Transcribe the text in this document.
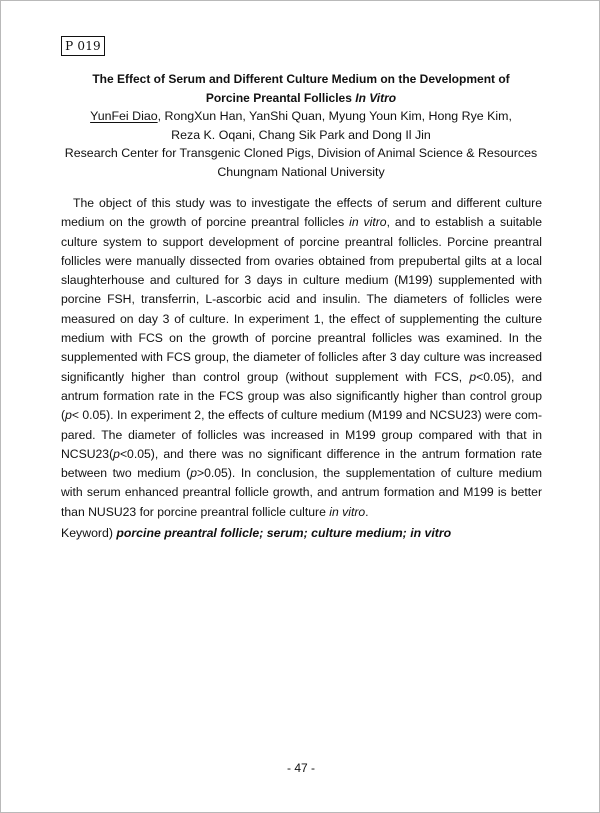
P 019

The Effect of Serum and Different Culture Medium on the Development of

Porcine Preantal Follicles In Vitro

YunFei Diao, RongXun Han, YanShi Quan, Myung Youn Kim, Hong Rye Kim,

Reza K. Oqani, Chang Sik Park and Dong Il Jin

Research Center for Transgenic Cloned Pigs, Division of Animal Science & Resources

Chungnam National University

The object of this study was to investigate the effects of serum and different culture medium on the growth of porcine preantral follicles in vitro, and to establish a suitable culture system to support development of porcine preantral follicles. Porcine preantral follicles were manually dissected from ovaries obtained from prepubertal gilts at a local slaughterhouse and cultured for 3 days in culture medium (M199) supplemented with porcine FSH, transferrin, L-ascorbic acid and insulin. The diameters of follicles were measured on day 3 of culture. In experiment 1, the effect of supplementing the culture medium with FCS on the growth of porcine preantral follicles was examined. In the supplemented with FCS group, the diameter of follicles after 3 day culture was increased significantly higher than control group (without supplement with FCS, p<0.05), and antrum formation rate in the FCS group was also significantly higher than control group (p< 0.05). In experiment 2, the effects of culture medium (M199 and NCSU23) were com-pared. The diameter of follicles was increased in M199 group compared with that in NCSU23(p<0.05), and there was no significant difference in the antrum formation rate between two medium (p>0.05). In conclusion, the supplementation of culture medium with serum enhanced preantral follicle growth, and antrum formation and M199 is better than NUSU23 for porcine preantral follicle culture in vitro.

Keyword) porcine preantral follicle; serum; culture medium; in vitro

- 47 -
